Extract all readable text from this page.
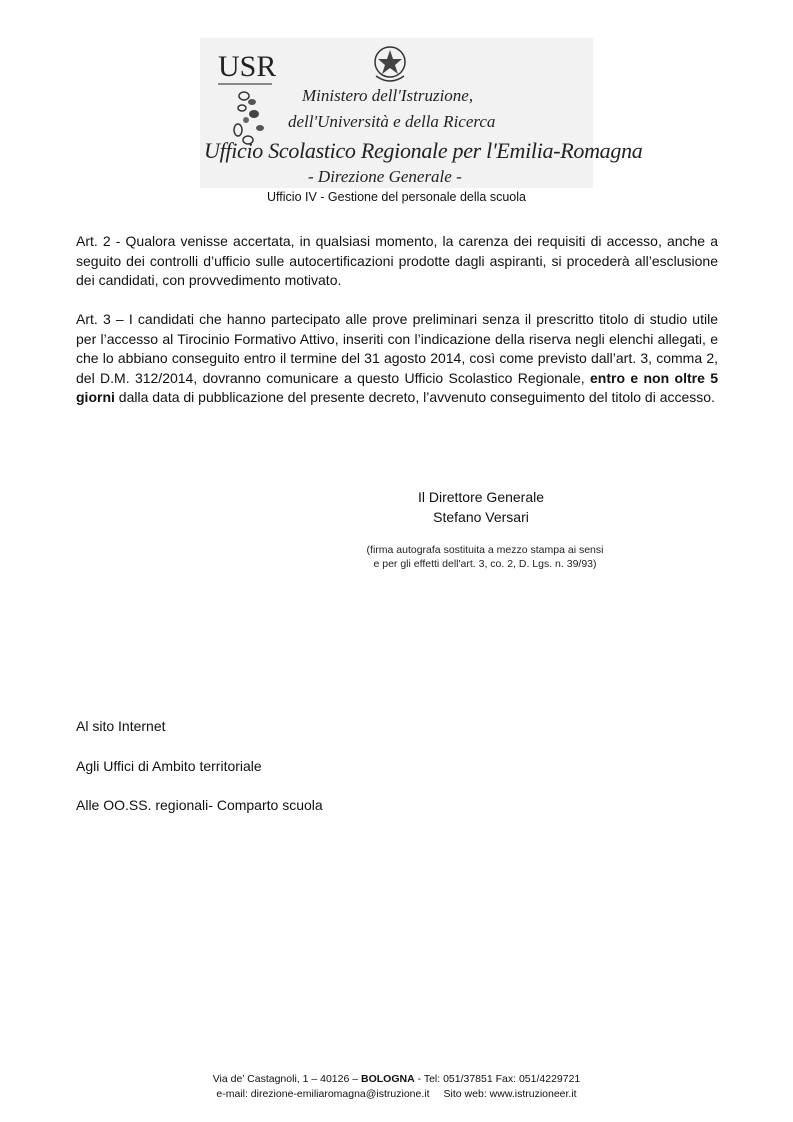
USR
Ministero dell'Istruzione,
dell'Università e della Ricerca
Ufficio Scolastico Regionale per l'Emilia-Romagna
- Direzione Generale -
Ufficio IV - Gestione del personale della scuola
Art. 2 - Qualora venisse accertata, in qualsiasi momento, la carenza dei requisiti di accesso, anche a seguito dei controlli d’ufficio sulle autocertificazioni prodotte dagli aspiranti, si procederà all’esclusione dei candidati, con provvedimento motivato.
Art. 3 – I candidati che hanno partecipato alle prove preliminari senza il prescritto titolo di studio utile per l’accesso al Tirocinio Formativo Attivo, inseriti con l’indicazione della riserva negli elenchi allegati, e che lo abbiano conseguito entro il termine del 31 agosto 2014, così come previsto dall’art. 3, comma 2, del D.M. 312/2014, dovranno comunicare a questo Ufficio Scolastico Regionale, entro e non oltre 5 giorni dalla data di pubblicazione del presente decreto, l’avvenuto conseguimento del titolo di accesso.
Il Direttore Generale
Stefano Versari
(firma autografa sostituita a mezzo stampa ai sensi
e per gli effetti dell'art. 3, co. 2, D. Lgs. n. 39/93)
Al sito Internet
Agli Uffici di Ambito territoriale
Alle OO.SS. regionali- Comparto scuola
Via de’ Castagnoli, 1 – 40126 – BOLOGNA - Tel: 051/37851 Fax: 051/4229721
e-mail: direzione-emiliaromagna@istruzione.it Sito web: www.istruzioneer.it
